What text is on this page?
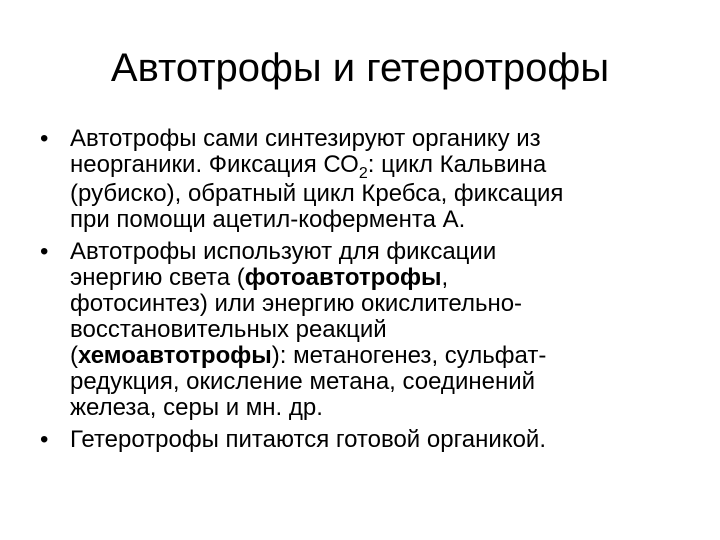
Автотрофы и гетеротрофы
• Автотрофы сами синтезируют органику из
неорганики. Фиксация $СО_2$: цикл Кальвина
(рубиско), обратный цикл Кребса, фиксация
при помощи ацетил-кофермента А.
• Автотрофы используют для фиксации
энергию света (фотоавтотрофы,
фотосинтез) или энергию окислительно-
восстановительных реакций
(хемоавтотрофы): метаногенез, сульфат-
редукция, окисление метана, соединений
железа, серы и мн. др.
• Гетеротрофы питаются готовой органикой.
